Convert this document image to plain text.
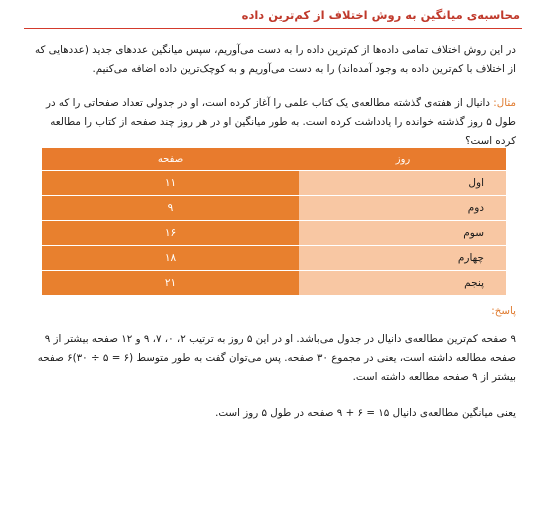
محاسبه‌ی میانگین به روش اختلاف از کم‌ترین داده
در این روش اختلاف تمامی داده‌ها از کم‌ترین داده را به دست می‌آوریم، سپس میانگین عددهای جدید (عددهایی که از اختلاف با کم‌ترین داده به وجود آمده‌اند) را به دست می‌آوریم و به کوچک‌ترین داده اضافه می‌کنیم.
مثال: دانیال از هفته‌ی گذشته مطالعه‌ی یک کتاب علمی را آغاز کرده است، او در جدولی تعداد صفحاتی را که در طول ۵ روز گذشته خوانده را یادداشت کرده است. به طور میانگین او در هر روز چند صفحه از کتاب را مطالعه کرده است؟
روز	صفحه
اول	۱۱
دوم	۹
سوم	۱۶
چهارم	۱۸
پنجم	۲۱
پاسخ:
۹ صفحه کم‌ترین مطالعه‌ی دانیال در جدول می‌باشد. او در این ۵ روز به ترتیب ۲، ۰، ۷، ۹ و ۱۲ صفحه بیشتر از ۹ صفحه مطالعه داشته است، یعنی در مجموع ۳۰ صفحه. پس می‌توان گفت به طور متوسط (۶ = ۵ ÷ ۳۰)۶ صفحه بیشتر از ۹ صفحه مطالعه داشته است.
یعنی میانگین مطالعه‌ی دانیال ۱۵ = ۶ + ۹ صفحه در طول ۵ روز است.
